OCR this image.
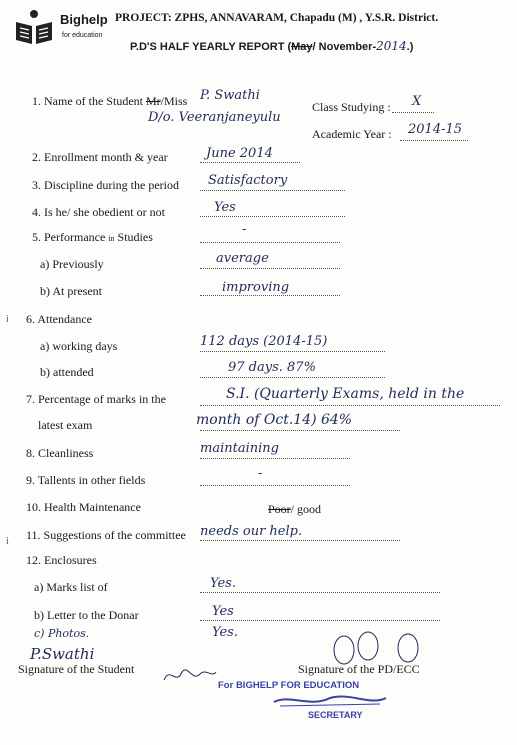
Bighelp
for education
PROJECT: ZPHS, ANNAVARAM, Chapadu (M) , Y.S.R. District.
P.D'S HALF YEARLY REPORT (May/ November-2014.)
1. Name of the Student Mr/Miss P. Swathi
D/o. Veeranjaneyulu
Class Studying : X
Academic Year : 2014-15
2. Enrollment month & year	June 2014
3. Discipline during the period Satisfactory
4. Is he/ she obedient or not	Yes
5. Performance in Studies	-
a) Previously	average
b) At present	improving
6. Attendance
a) working days	112 days (2014-15)
b) attended	97 days. 87%
7. Percentage of marks in the
latest exam
S.I. (Quarterly Exams, held in the
month of Oct.14) 64%
8. Cleanliness	maintaining
9. Tallents in other fields	-
10. Health Maintenance	Poor/ good
11. Suggestions of the committee needs our help.
12. Enclosures
a) Marks list of	Yes.
b) Letter to the Donar	Yes
c) Photos.	Yes.
P.Swathi
Signature of the Student	Signature of the PD/ECC
For BIGHELP FOR EDUCATION
SECRETARY
i
i
